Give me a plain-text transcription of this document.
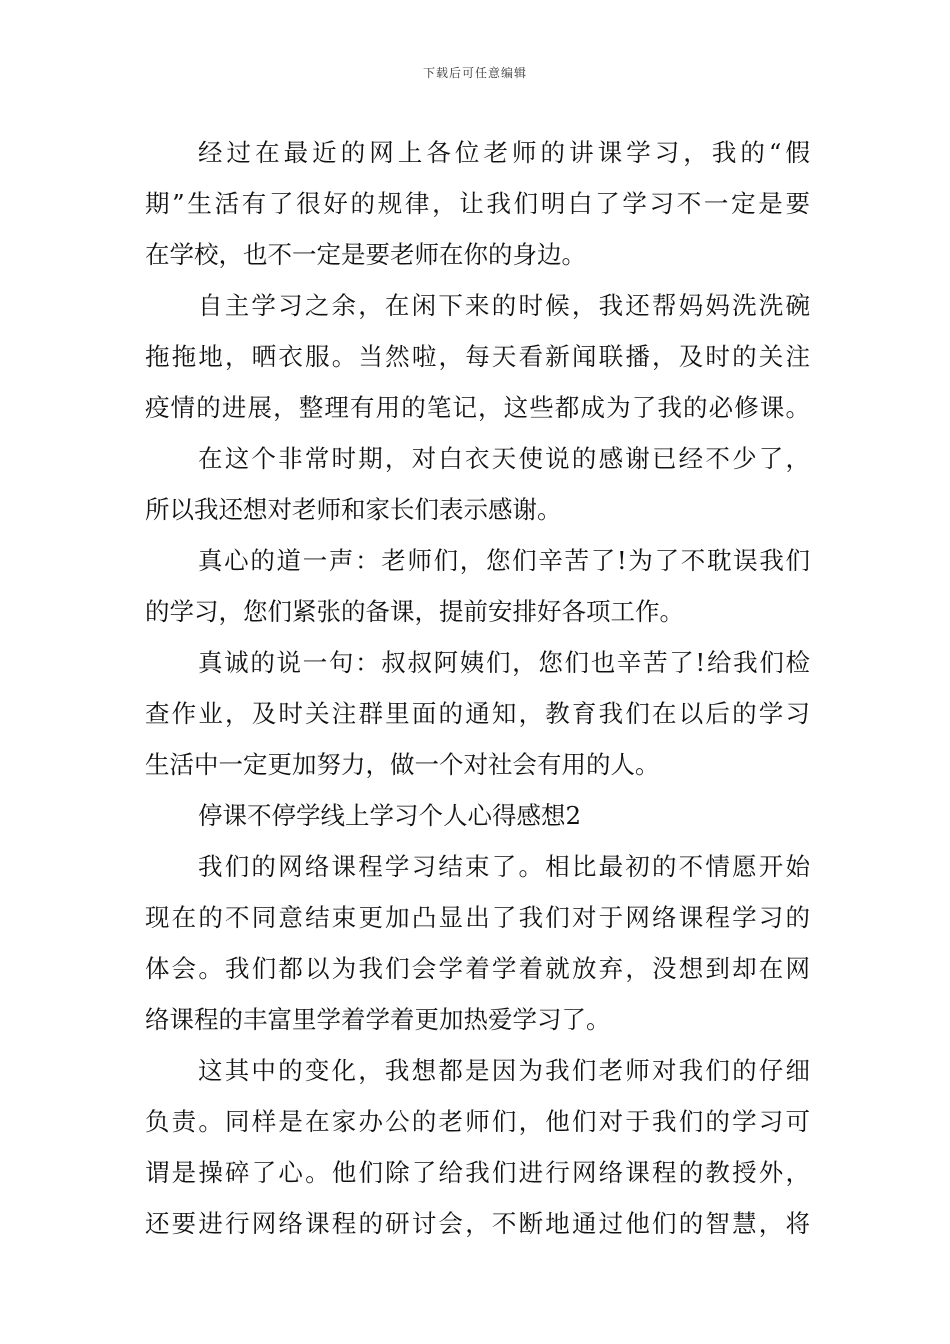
下载后可任意编辑
经过在最近的网上各位老师的讲课学习，我的“假
期”生活有了很好的规律，让我们明白了学习不一定是要
在学校，也不一定是要老师在你的身边。
自主学习之余，在闲下来的时候，我还帮妈妈洗洗碗
拖拖地，晒衣服。当然啦，每天看新闻联播，及时的关注
疫情的进展，整理有用的笔记，这些都成为了我的必修课。
在这个非常时期，对白衣天使说的感谢已经不少了，
所以我还想对老师和家长们表示感谢。
真心的道一声：老师们，您们辛苦了!为了不耽误我们
的学习，您们紧张的备课，提前安排好各项工作。
真诚的说一句：叔叔阿姨们，您们也辛苦了!给我们检
查作业，及时关注群里面的通知，教育我们在以后的学习
生活中一定更加努力，做一个对社会有用的人。
停课不停学线上学习个人心得感想2
我们的网络课程学习结束了。相比最初的不情愿开始
现在的不同意结束更加凸显出了我们对于网络课程学习的
体会。我们都以为我们会学着学着就放弃，没想到却在网
络课程的丰富里学着学着更加热爱学习了。
这其中的变化，我想都是因为我们老师对我们的仔细
负责。同样是在家办公的老师们，他们对于我们的学习可
谓是操碎了心。他们除了给我们进行网络课程的教授外，
还要进行网络课程的研讨会，不断地通过他们的智慧，将
